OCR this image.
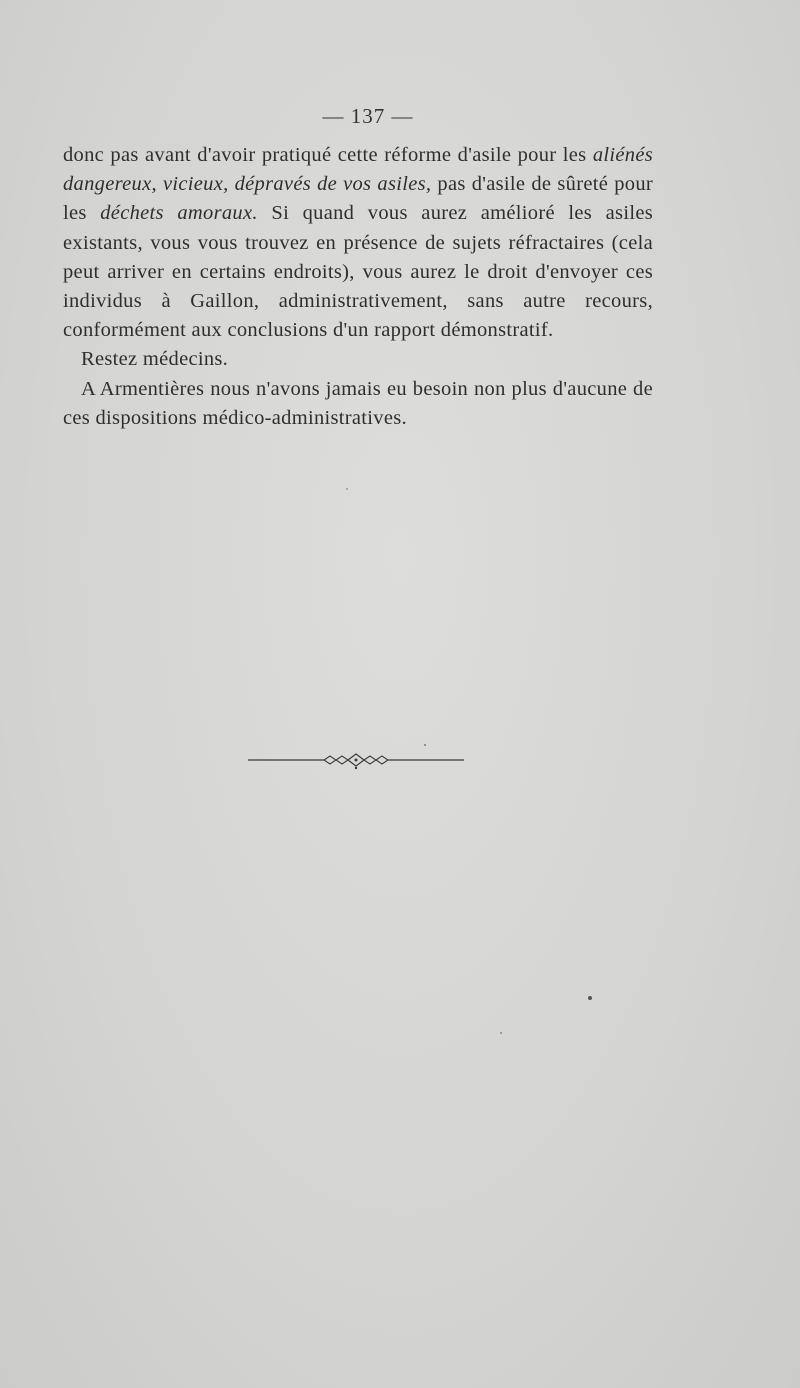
— 137 —

donc pas avant d'avoir pratiqué cette réforme d'asile pour les aliénés dangereux, vicieux, dépravés de vos asiles, pas d'asile de sûreté pour les déchets amoraux. Si quand vous aurez amélioré les asiles existants, vous vous trouvez en présence de sujets réfractaires (cela peut arriver en certains endroits), vous aurez le droit d'envoyer ces individus à Gaillon, administrativement, sans autre recours, conformément aux conclusions d'un rapport démonstratif.

Restez médecins.

A Armentières nous n'avons jamais eu besoin non plus d'aucune de ces dispositions médico-administratives.
